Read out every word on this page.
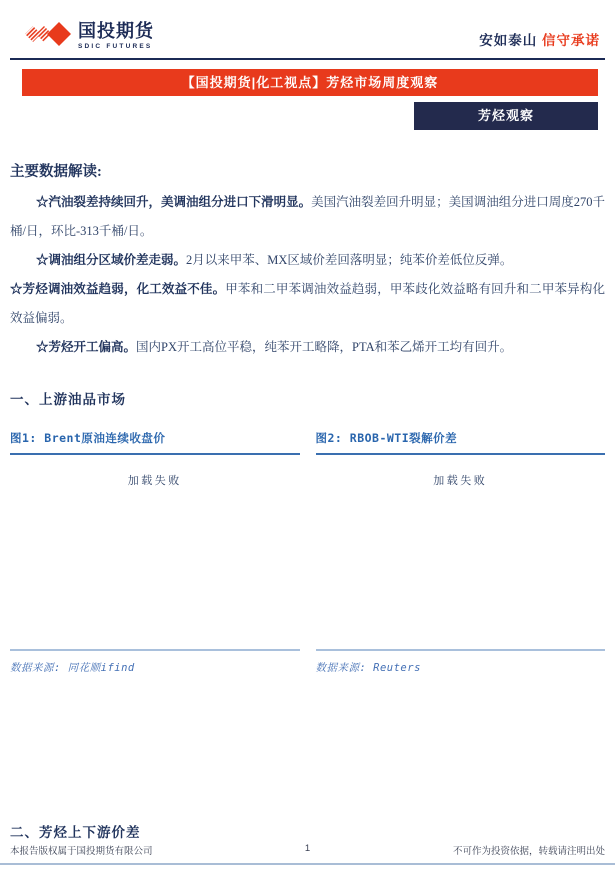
国投期货
SDIC FUTURES	安如泰山 信守承诺
【国投期货|化工视点】芳烃市场周度观察
芳烃观察
主要数据解读:
☆汽油裂差持续回升，美调油组分进口下滑明显。美国汽油裂差回升明显；美国调油组分进口周度270千桶/日，环比-313千桶/日。
☆调油组分区域价差走弱。2月以来甲苯、MX区域价差回落明显；纯苯价差低位反弹。
☆芳烃调油效益趋弱，化工效益不佳。甲苯和二甲苯调油效益趋弱，甲苯歧化效益略有回升和二甲苯异构化效益偏弱。
☆芳烃开工偏高。国内PX开工高位平稳，纯苯开工略降，PTA和苯乙烯开工均有回升。
一、上游油品市场
图1: Brent原油连续收盘价
加载失败
数据来源: 同花顺ifind
图2: RBOB-WTI裂解价差
加载失败
数据来源: Reuters
二、芳烃上下游价差
1
本报告版权属于国投期货有限公司	不可作为投资依据，转载请注明出处
